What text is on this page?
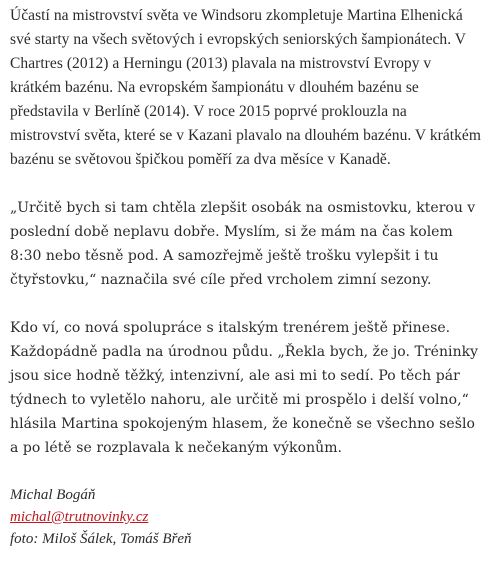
Účastí na mistrovství světa ve Windsoru zkompletuje Martina Elhenická své starty na všech světových i evropských seniorských šampionátech. V Chartres (2012) a Herningu (2013) plavala na mistrovství Evropy v krátkém bazénu. Na evropském šampionátu v dlouhém bazénu se představila v Berlíně (2014). V roce 2015 poprvé proklouzla na mistrovství světa, které se v Kazani plavalo na dlouhém bazénu. V krátkém bazénu se světovou špičkou poměří za dva měsíce v Kanadě.

„Určitě bych si tam chtěla zlepšit osobák na osmistovku, kterou v poslední době neplavu dobře. Myslím, si že mám na čas kolem 8:30 nebo těsně pod. A samozřejmě ještě trošku vylepšit i tu čtyřstovku,“ naznačila své cíle před vrcholem zimní sezony.

Kdo ví, co nová spolupráce s italským trenérem ještě přinese. Každopádně padla na úrodnou půdu. „Řekla bych, že jo. Tréninky jsou sice hodně těžký, intenzivní, ale asi mi to sedí. Po těch pár týdnech to vyletělo nahoru, ale určitě mi prospělo i delší volno,“ hlásila Martina spokojeným hlasem, že konečně se všechno sešlo a po létě se rozplavala k nečekaným výkonům.

Michal Bogáň
michal@trutnovinky.cz
foto: Miloš Šálek, Tomáš Břeň
